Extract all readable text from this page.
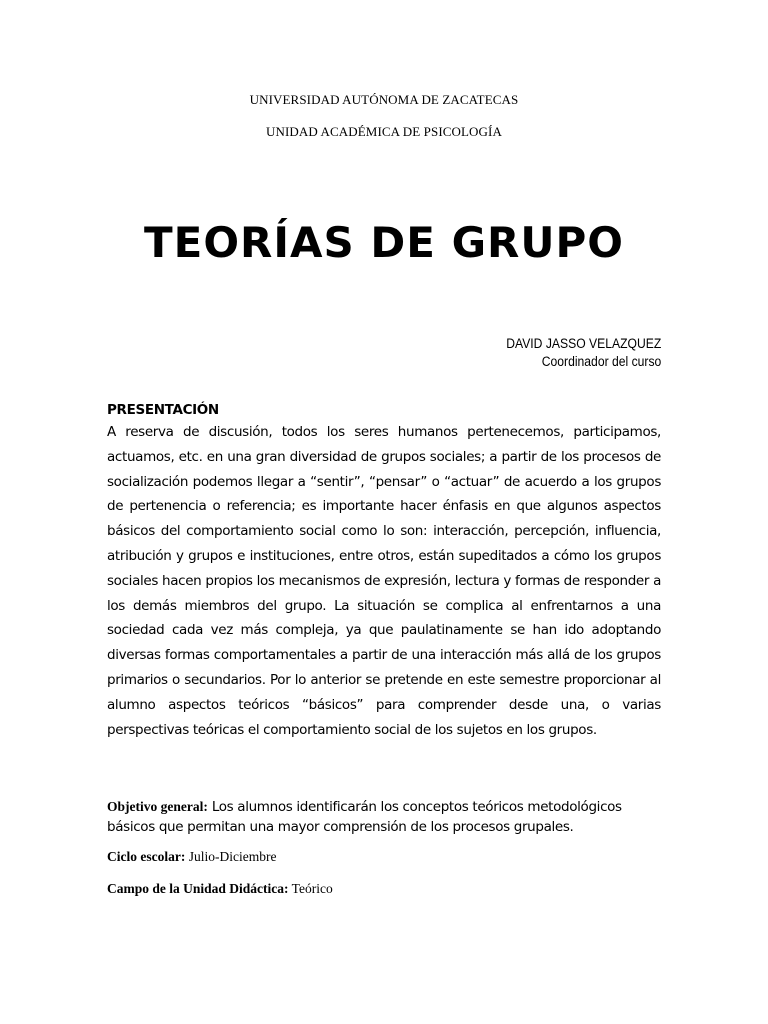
UNIVERSIDAD AUTÓNOMA DE ZACATECAS
UNIDAD ACADÉMICA DE PSICOLOGÍA
TEORÍAS DE GRUPO
DAVID JASSO VELAZQUEZ
Coordinador del curso

PRESENTACIÓN

A reserva de discusión, todos los seres humanos pertenecemos, participamos, actuamos, etc. en una gran diversidad de grupos sociales; a partir de los procesos de socialización podemos llegar a “sentir”, “pensar” o “actuar” de acuerdo a los grupos de pertenencia o referencia; es importante hacer énfasis en que algunos aspectos básicos del comportamiento social como lo son: interacción, percepción, influencia, atribución y grupos e instituciones, entre otros, están supeditados a cómo los grupos sociales hacen propios los mecanismos de expresión, lectura y formas de responder a los demás miembros del grupo. La situación se complica al enfrentarnos a una sociedad cada vez más compleja, ya que paulatinamente se han ido adoptando diversas formas comportamentales a partir de una interacción más allá de los grupos primarios o secundarios. Por lo anterior se pretende en este semestre proporcionar al alumno aspectos teóricos “básicos” para comprender desde una, o varias perspectivas teóricas el comportamiento social de los sujetos en los grupos.

Objetivo general: Los alumnos identificarán los conceptos teóricos metodológicos básicos que permitan una mayor comprensión de los procesos grupales.
Ciclo escolar: Julio-Diciembre
Campo de la Unidad Didáctica: Teórico
